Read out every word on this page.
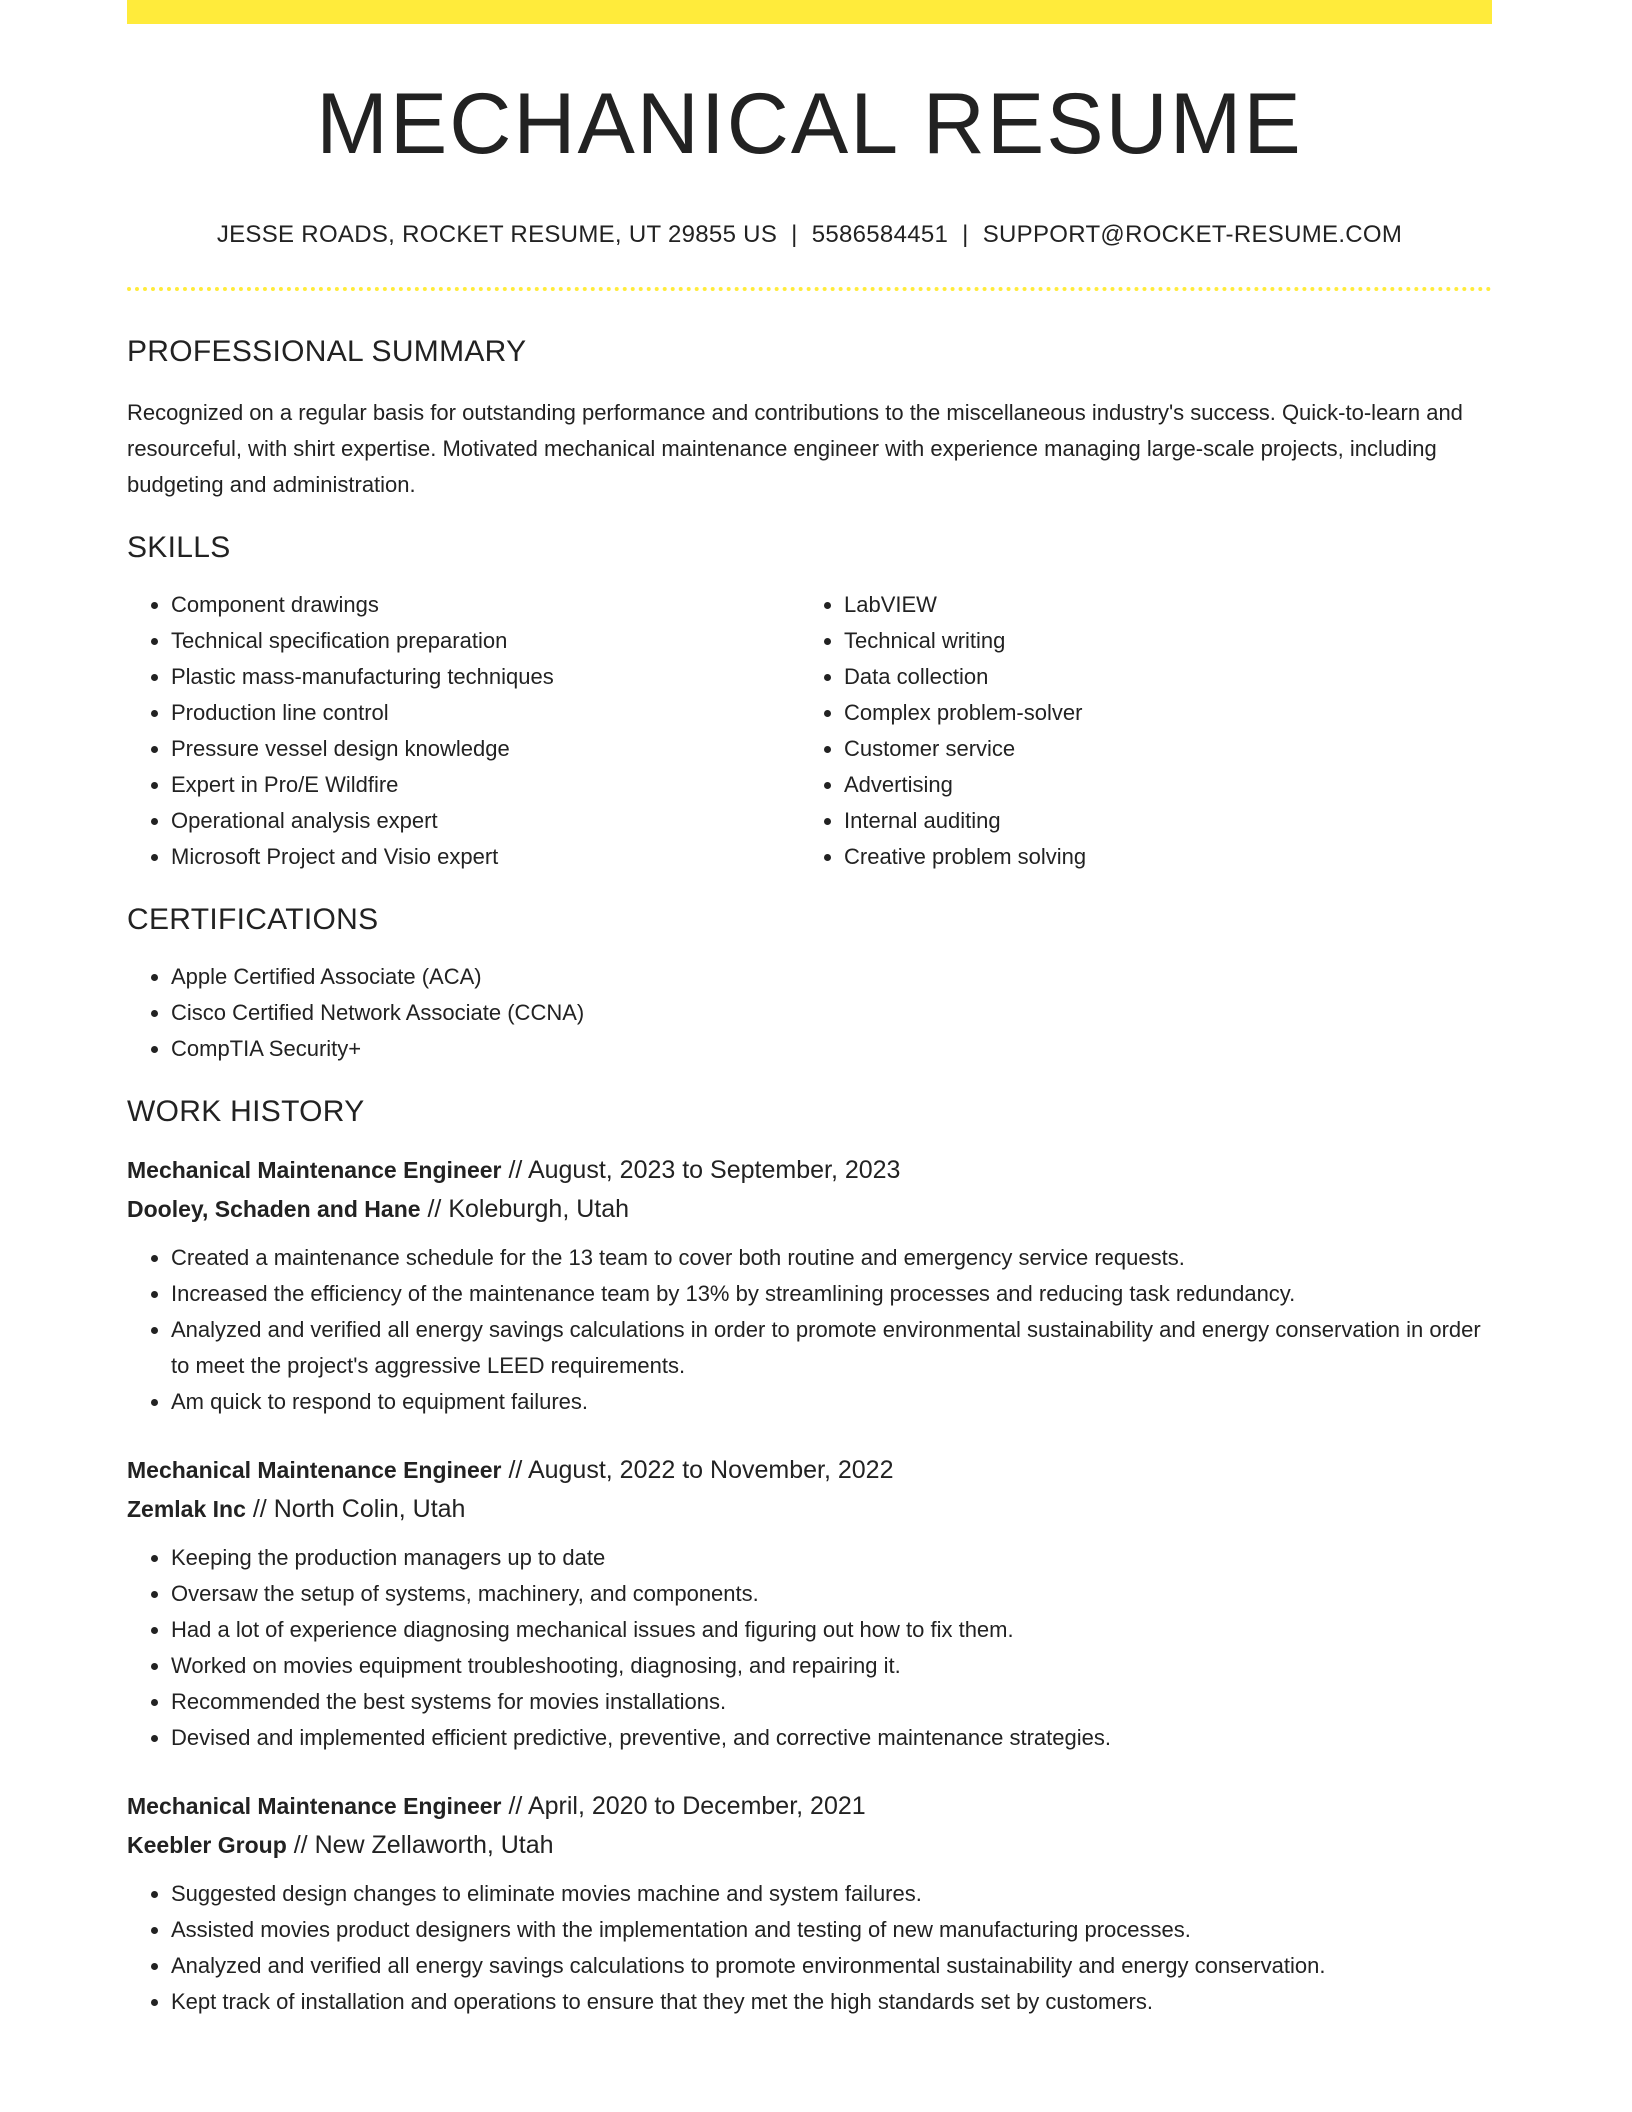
MECHANICAL RESUME
JESSE ROADS, ROCKET RESUME, UT 29855 US | 5586584451 | SUPPORT@ROCKET-RESUME.COM
PROFESSIONAL SUMMARY

Recognized on a regular basis for outstanding performance and contributions to the miscellaneous industry's success. Quick-to-learn and resourceful, with shirt expertise. Motivated mechanical maintenance engineer with experience managing large-scale projects, including budgeting and administration.

SKILLS
• Component drawings
• Technical specification preparation
• Plastic mass-manufacturing techniques
• Production line control
• Pressure vessel design knowledge
• Expert in Pro/E Wildfire
• Operational analysis expert
• Microsoft Project and Visio expert
• LabVIEW
• Technical writing
• Data collection
• Complex problem-solver
• Customer service
• Advertising
• Internal auditing
• Creative problem solving
CERTIFICATIONS
• Apple Certified Associate (ACA)
• Cisco Certified Network Associate (CCNA)
• CompTIA Security+
WORK HISTORY
Mechanical Maintenance Engineer // August, 2023 to September, 2023
Dooley, Schaden and Hane // Koleburgh, Utah
• Created a maintenance schedule for the 13 team to cover both routine and emergency service requests.
• Increased the efficiency of the maintenance team by 13% by streamlining processes and reducing task redundancy.
• Analyzed and verified all energy savings calculations in order to promote environmental sustainability and energy conservation in order to meet the project's aggressive LEED requirements.
• Am quick to respond to equipment failures.
Mechanical Maintenance Engineer // August, 2022 to November, 2022
Zemlak Inc // North Colin, Utah
• Keeping the production managers up to date
• Oversaw the setup of systems, machinery, and components.
• Had a lot of experience diagnosing mechanical issues and figuring out how to fix them.
• Worked on movies equipment troubleshooting, diagnosing, and repairing it.
• Recommended the best systems for movies installations.
• Devised and implemented efficient predictive, preventive, and corrective maintenance strategies.
Mechanical Maintenance Engineer // April, 2020 to December, 2021
Keebler Group // New Zellaworth, Utah
• Suggested design changes to eliminate movies machine and system failures.
• Assisted movies product designers with the implementation and testing of new manufacturing processes.
• Analyzed and verified all energy savings calculations to promote environmental sustainability and energy conservation.
• Kept track of installation and operations to ensure that they met the high standards set by customers.
